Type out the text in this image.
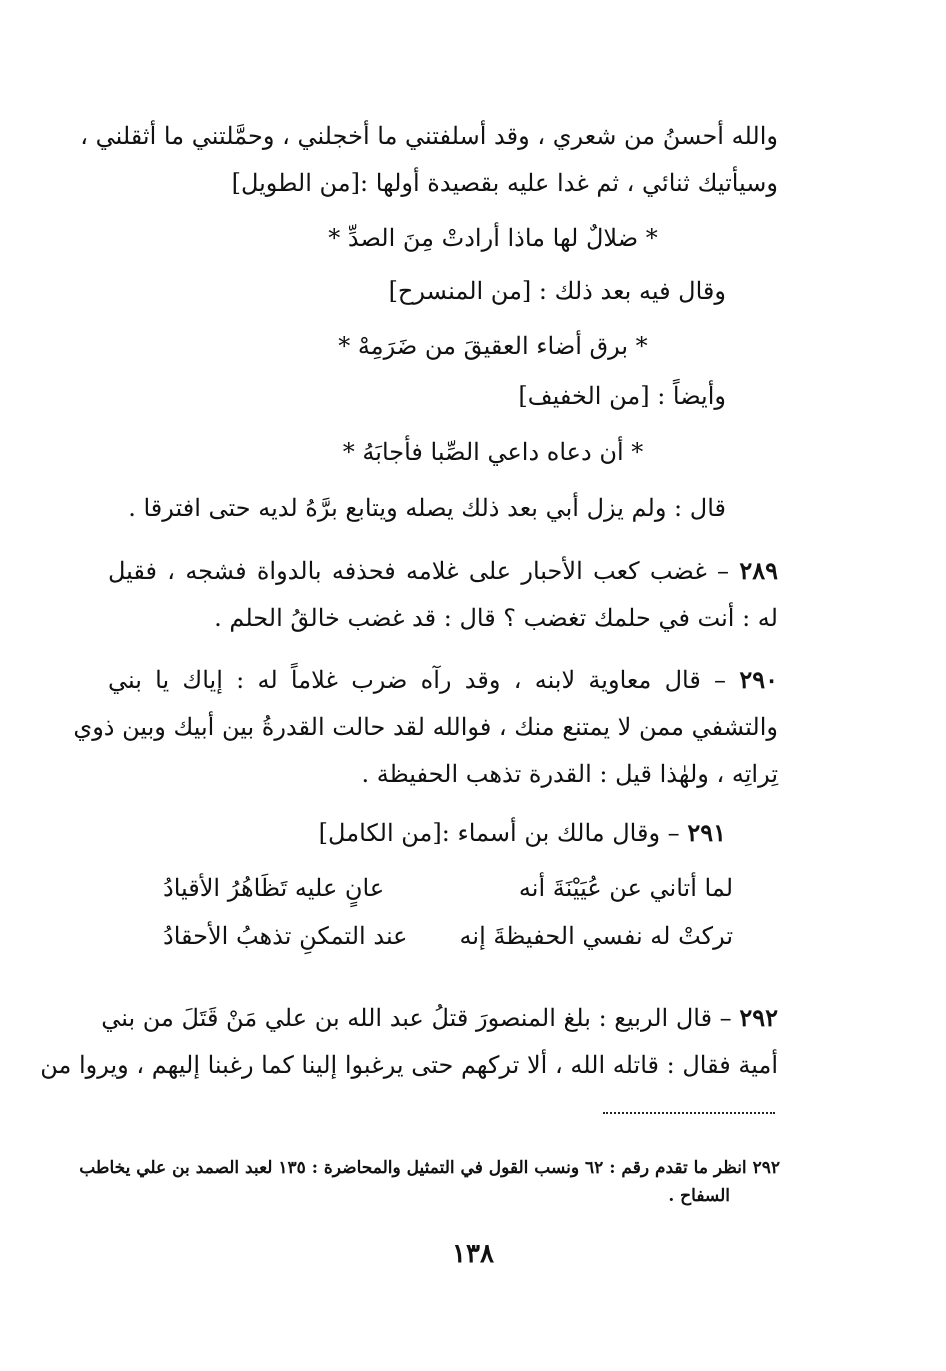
والله أحسنُ من شعري ، وقد أسلفتني ما أخجلني ، وحمَّلتني ما أثقلني ،
وسيأتيك ثنائي ، ثم غدا عليه بقصيدة أولها :[من الطويل]
* ضلالٌ لها ماذا أرادتْ مِنَ الصدِّ *
وقال فيه بعد ذلك : [من المنسرح]
* برق أضاء العقيقَ من ضَرَمِهْ *
وأيضاً : [من الخفيف]
* أن دعاه داعي الصِّبا فأجابَهُ *
قال : ولم يزل أبي بعد ذلك يصله ويتابع برَّهُ لديه حتى افترقا .
٢٨٩ – غضب كعب الأحبار على غلامه فحذفه بالدواة فشجه ، فقيل
له : أنت في حلمك تغضب ؟ قال : قد غضب خالقُ الحلم .
٢٩٠ – قال معاوية لابنه ، وقد رآه ضرب غلاماً له : إياك يا بني
والتشفي ممن لا يمتنع منك ، فوالله لقد حالت القدرةُ بين أبيك وبين ذوي
تِراتِه ، ولهٰذا قيل : القدرة تذهب الحفيظة .
٢٩١ – وقال مالك بن أسماء :[من الكامل]
لما أتاني عن عُيَيْنَةَ أنه
عانٍ عليه تَظَاهُرُ الأقيادُ
تركتْ له نفسي الحفيظةَ إنه
عند التمكنِ تذهبُ الأحقادُ
٢٩٢ – قال الربيع : بلغ المنصورَ قتلُ عبد الله بن علي مَنْ قَتَلَ من بني
أمية فقال : قاتله الله ، ألا تركهم حتى يرغبوا إلينا كما رغبنا إليهم ، ويروا من
٢٩٢ انظر ما تقدم رقم : ٦٢ ونسب القول في التمثيل والمحاضرة : ١٣٥ لعبد الصمد بن علي يخاطب
السفاح .
١٣٨
